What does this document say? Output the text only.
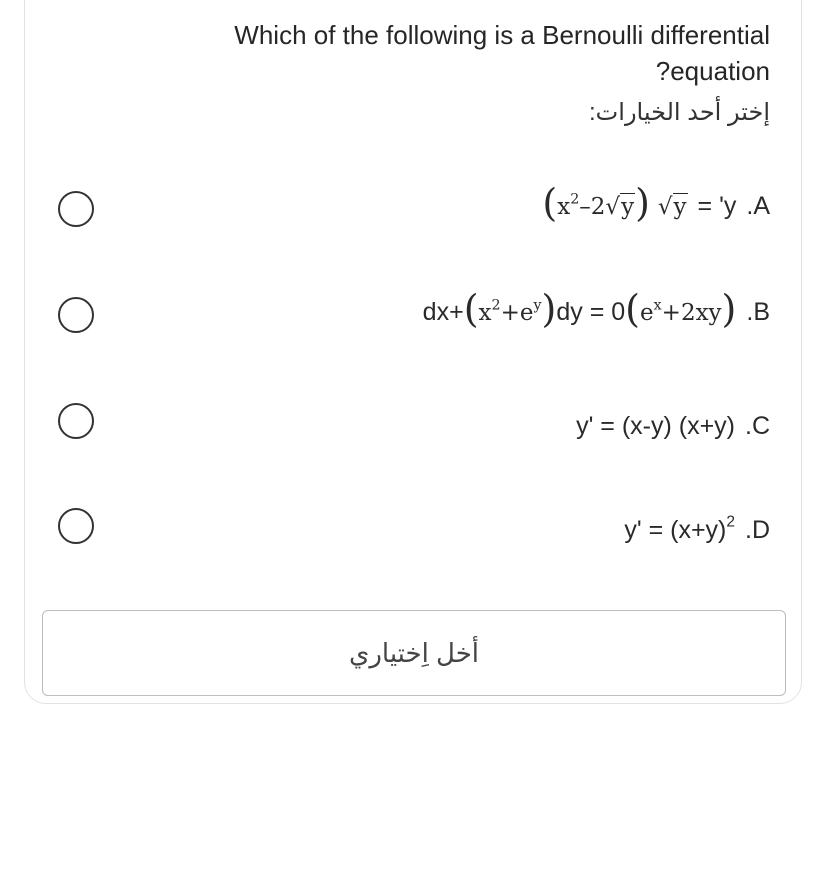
Which of the following is a Bernoulli differential
?equation
إختر أحد الخيارات:
( $x^2-2√y$ ) √y = 'y .A
dx+ ( $x^2+e^y$ ) dy = 0 ( $e^x+2xy$ ) .B
y' = (x-y) (x+y) .C
$y' = (x+y)^2$ .D
أخل اِختياري
